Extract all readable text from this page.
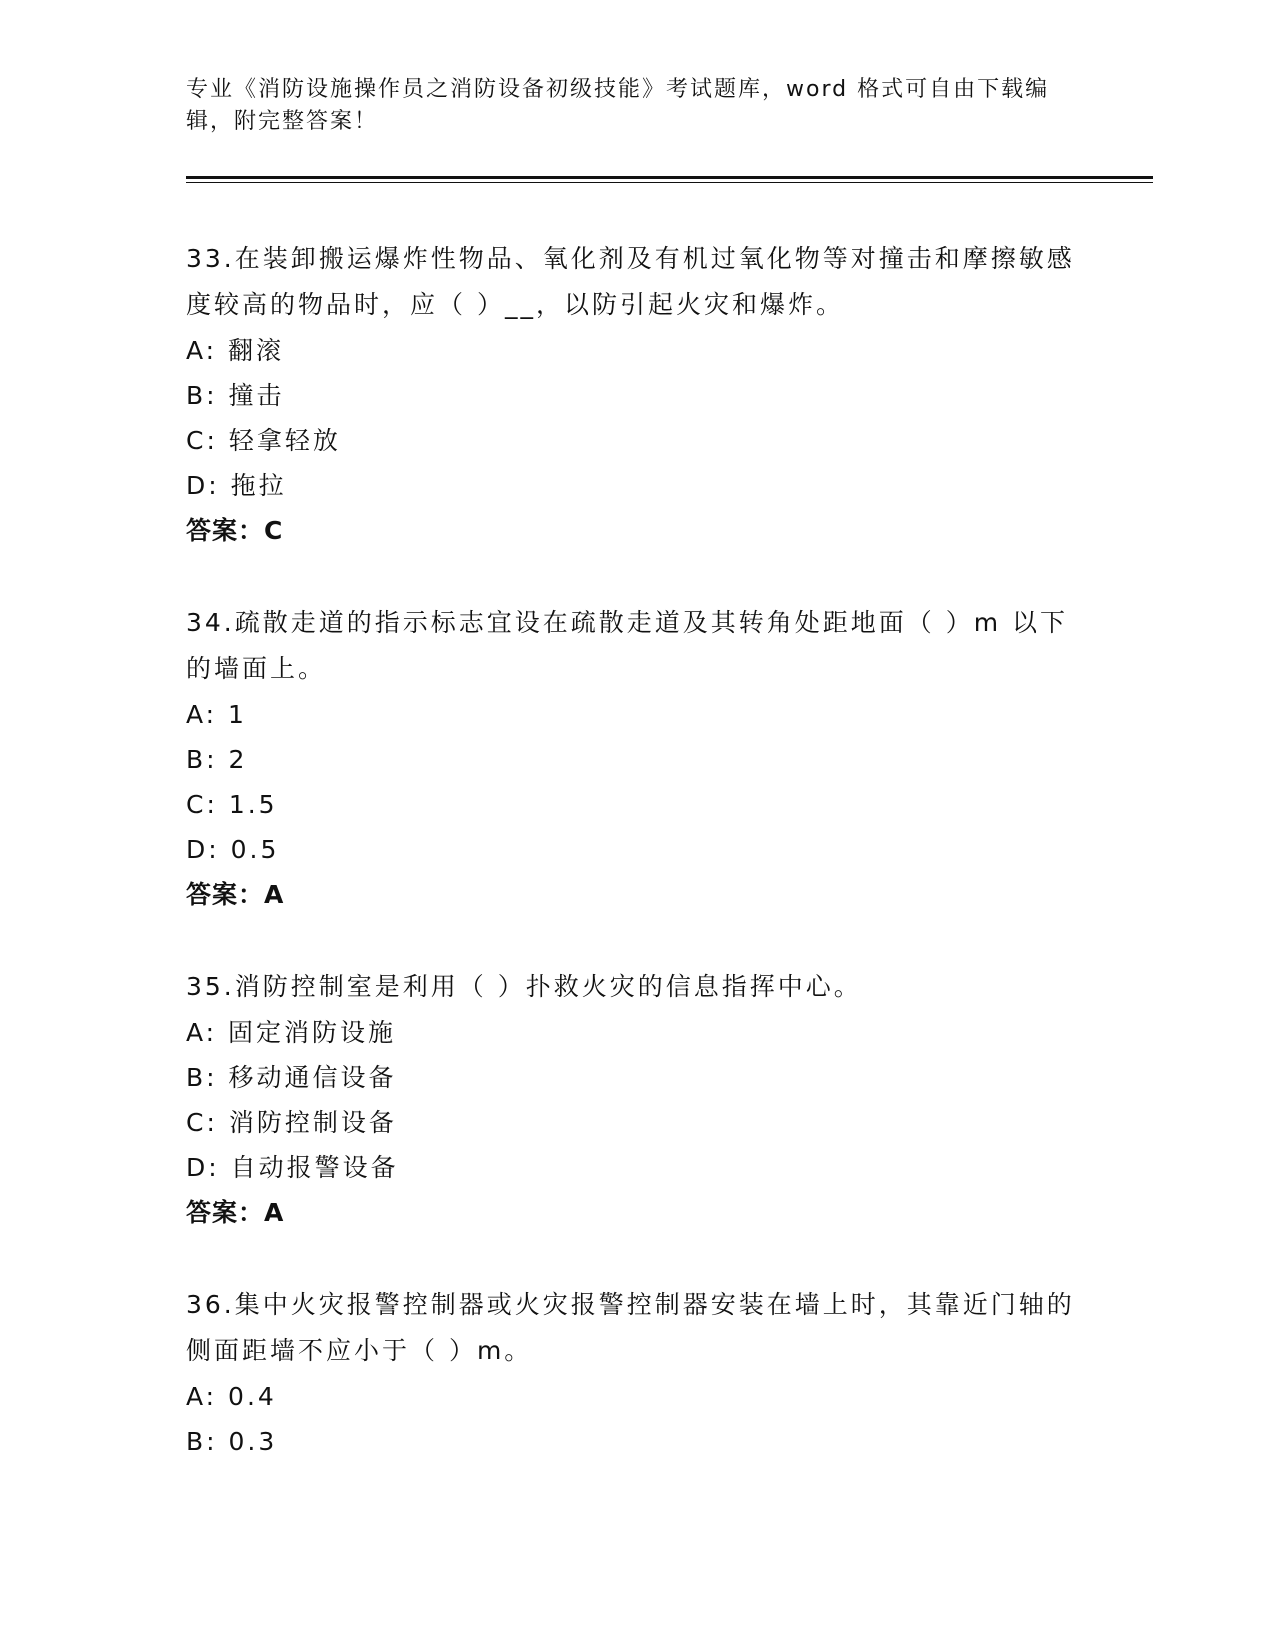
专业《消防设施操作员之消防设备初级技能》考试题库，word 格式可自由下载编辑，附完整答案！

33.在装卸搬运爆炸性物品、氧化剂及有机过氧化物等对撞击和摩擦敏感度较高的物品时，应（ ）__，以防引起火灾和爆炸。

A: 翻滚

B: 撞击

C: 轻拿轻放

D: 拖拉

答案：C

34.疏散走道的指示标志宜设在疏散走道及其转角处距地面（ ）m 以下的墙面上。

A: 1

B: 2

C: 1.5

D: 0.5

答案：A

35.消防控制室是利用（ ）扑救火灾的信息指挥中心。

A: 固定消防设施

B: 移动通信设备

C: 消防控制设备

D: 自动报警设备

答案：A

36.集中火灾报警控制器或火灾报警控制器安装在墙上时，其靠近门轴的侧面距墙不应小于（ ）m。

A: 0.4

B: 0.3
